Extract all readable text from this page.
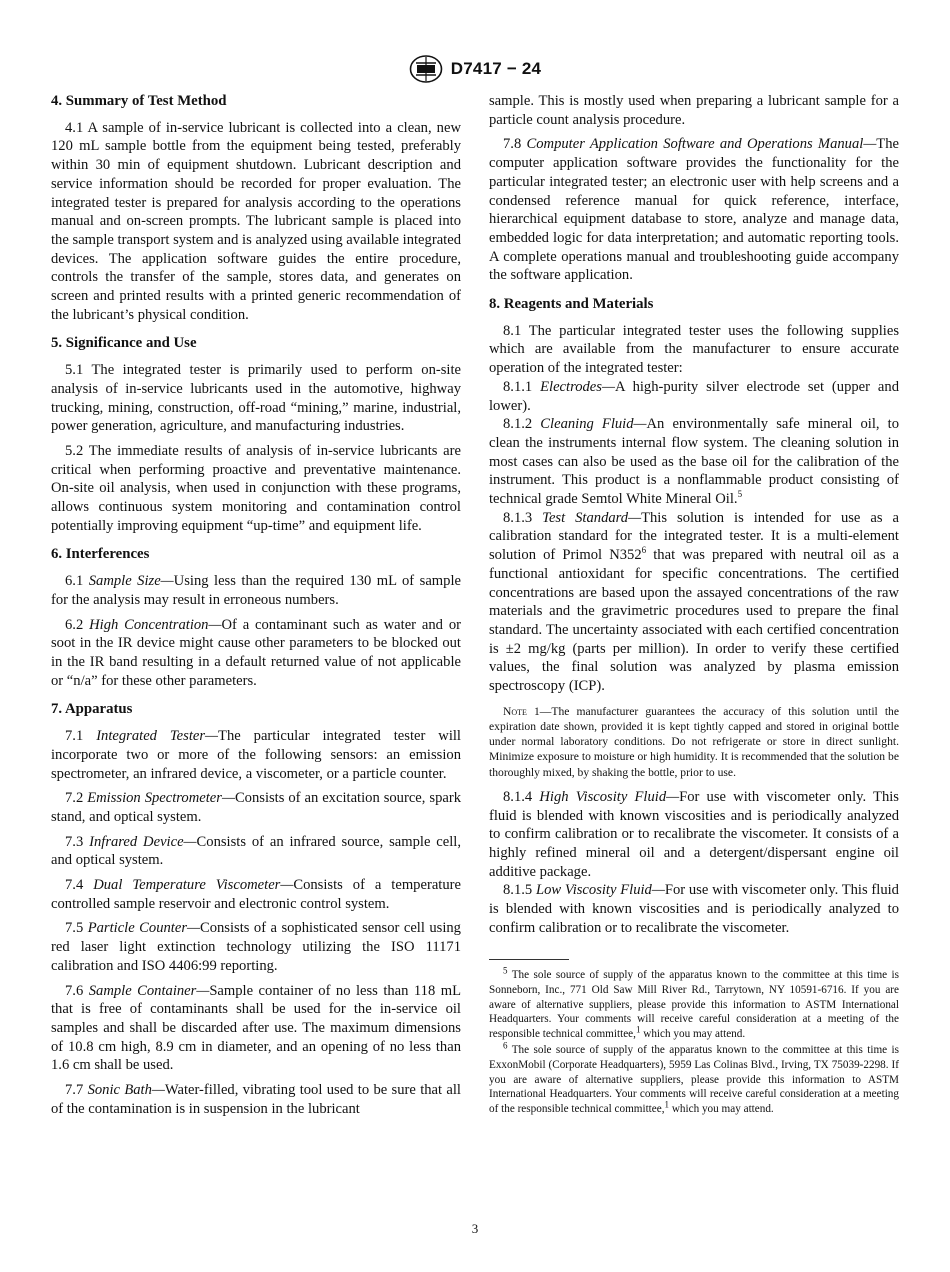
D7417 − 24
4. Summary of Test Method

4.1 A sample of in-service lubricant is collected into a clean, new 120 mL sample bottle from the equipment being tested, preferably within 30 min of equipment shutdown. Lubricant description and service information should be recorded for proper evaluation. The integrated tester is prepared for analysis according to the operations manual and on-screen prompts. The lubricant sample is placed into the sample transport system and is analyzed using available integrated devices. The application software guides the entire procedure, controls the transfer of the sample, stores data, and generates on screen and printed results with a printed generic recommendation of the lubricant’s physical condition.

5. Significance and Use

5.1 The integrated tester is primarily used to perform on-site analysis of in-service lubricants used in the automotive, highway trucking, mining, construction, off-road “mining,” marine, industrial, power generation, agriculture, and manufacturing industries.

5.2 The immediate results of analysis of in-service lubricants are critical when performing proactive and preventative maintenance. On-site oil analysis, when used in conjunction with these programs, allows continuous system monitoring and contamination control potentially improving equipment “up-time” and equipment life.

6. Interferences

6.1 Sample Size—Using less than the required 130 mL of sample for the analysis may result in erroneous numbers.

6.2 High Concentration—Of a contaminant such as water and or soot in the IR device might cause other parameters to be blocked out in the IR band resulting in a default returned value of not applicable or “n/a” for these other parameters.

7. Apparatus

7.1 Integrated Tester—The particular integrated tester will incorporate two or more of the following sensors: an emission spectrometer, an infrared device, a viscometer, or a particle counter.

7.2 Emission Spectrometer—Consists of an excitation source, spark stand, and optical system.

7.3 Infrared Device—Consists of an infrared source, sample cell, and optical system.

7.4 Dual Temperature Viscometer—Consists of a temperature controlled sample reservoir and electronic control system.

7.5 Particle Counter—Consists of a sophisticated sensor cell using red laser light extinction technology utilizing the ISO 11171 calibration and ISO 4406:99 reporting.

7.6 Sample Container—Sample container of no less than 118 mL that is free of contaminants shall be used for the in-service oil samples and shall be discarded after use. The maximum dimensions of 10.8 cm high, 8.9 cm in diameter, and an opening of no less than 1.6 cm shall be used.

7.7 Sonic Bath—Water-filled, vibrating tool used to be sure that all of the contamination is in suspension in the lubricant

sample. This is mostly used when preparing a lubricant sample for a particle count analysis procedure.

7.8 Computer Application Software and Operations Manual—The computer application software provides the functionality for the particular integrated tester; an electronic user with help screens and a condensed reference manual for quick reference, interface, hierarchical equipment database to store, analyze and manage data, embedded logic for data interpretation; and automatic reporting tools. A complete operations manual and troubleshooting guide accompany the software application.

8. Reagents and Materials

8.1 The particular integrated tester uses the following supplies which are available from the manufacturer to ensure accurate operation of the integrated tester:

8.1.1 Electrodes—A high-purity silver electrode set (upper and lower).

8.1.2 Cleaning Fluid—An environmentally safe mineral oil, to clean the instruments internal flow system. The cleaning solution in most cases can also be used as the base oil for the calibration of the instrument. This product is a nonflammable product consisting of technical grade Semtol White Mineral Oil.$^5$

8.1.3 Test Standard—This solution is intended for use as a calibration standard for the integrated tester. It is a multi-element solution of Primol $N352^6$ that was prepared with neutral oil as a functional antioxidant for specific concentrations. The certified concentrations are based upon the assayed concentrations of the raw materials and the gravimetric procedures used to prepare the final standard. The uncertainty associated with each certified concentration is ±2 mg/kg (parts per million). In order to verify these certified values, the final solution was analyzed by plasma emission spectroscopy (ICP).

Note 1—The manufacturer guarantees the accuracy of this solution until the expiration date shown, provided it is kept tightly capped and stored in original bottle under normal laboratory conditions. Do not refrigerate or store in direct sunlight. Minimize exposure to moisture or high humidity. It is recommended that the solution be thoroughly mixed, by shaking the bottle, prior to use.

8.1.4 High Viscosity Fluid—For use with viscometer only. This fluid is blended with known viscosities and is periodically analyzed to confirm calibration or to recalibrate the viscometer. It consists of a highly refined mineral oil and a detergent/dispersant engine oil additive package.

8.1.5 Low Viscosity Fluid—For use with viscometer only. This fluid is blended with known viscosities and is periodically analyzed to confirm calibration or to recalibrate the viscometer.

$^5$ The sole source of supply of the apparatus known to the committee at this time is Sonneborn, Inc., 771 Old Saw Mill River Rd., Tarrytown, NY 10591-6716. If you are aware of alternative suppliers, please provide this information to ASTM International Headquarters. Your comments will receive careful consideration at a meeting of the responsible technical committee,$^1$ which you may attend.

$^6$ The sole source of supply of the apparatus known to the committee at this time is ExxonMobil (Corporate Headquarters), 5959 Las Colinas Blvd., Irving, TX 75039-2298. If you are aware of alternative suppliers, please provide this information to ASTM International Headquarters. Your comments will receive careful consideration at a meeting of the responsible technical committee,$^1$ which you may attend.

3
